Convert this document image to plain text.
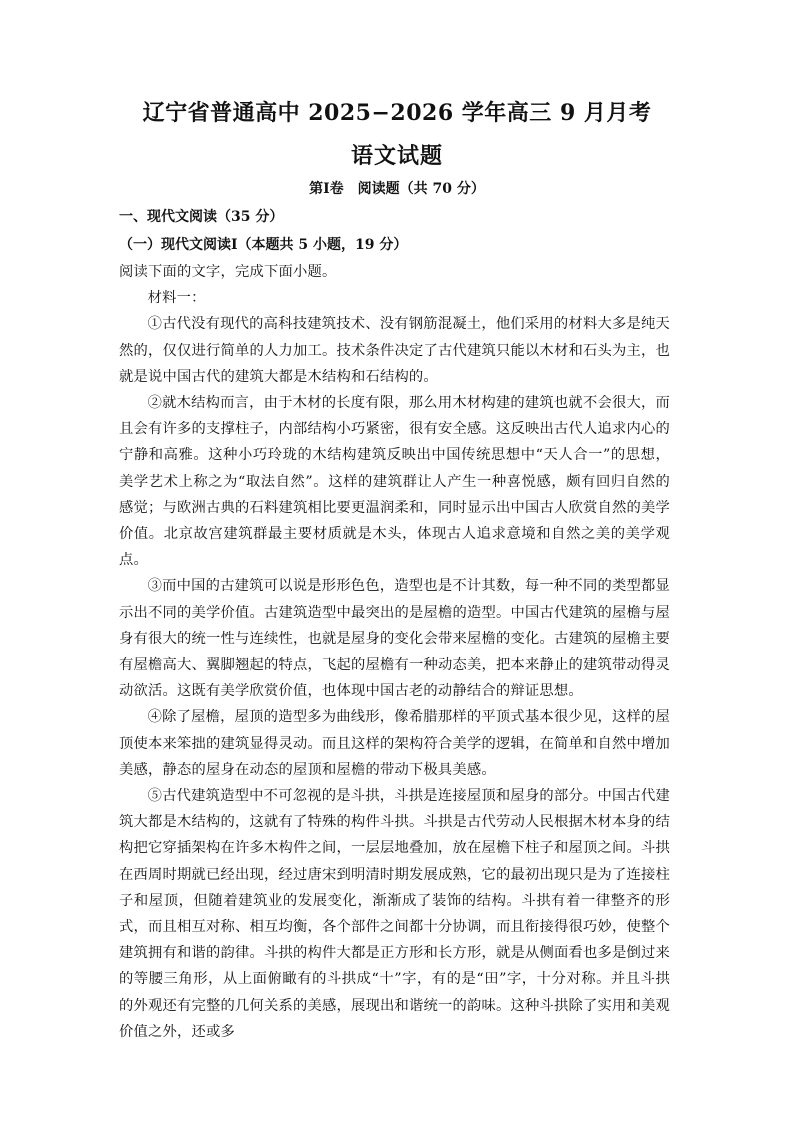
辽宁省普通高中 2025−2026 学年高三 9 月月考
语文试题
第Ⅰ卷　阅读题（共 70 分）
一、现代文阅读（35 分）
（一）现代文阅读Ⅰ（本题共 5 小题，19 分）

阅读下面的文字，完成下面小题。

材料一：

①古代没有现代的高科技建筑技术、没有钢筋混凝土，他们采用的材料大多是纯天然的，仅仅进行简单的人力加工。技术条件决定了古代建筑只能以木材和石头为主，也就是说中国古代的建筑大都是木结构和石结构的。

②就木结构而言，由于木材的长度有限，那么用木材构建的建筑也就不会很大，而且会有许多的支撑柱子，内部结构小巧紧密，很有安全感。这反映出古代人追求内心的宁静和高雅。这种小巧玲珑的木结构建筑反映出中国传统思想中“天人合一”的思想，美学艺术上称之为“取法自然”。这样的建筑群让人产生一种喜悦感，颇有回归自然的感觉；与欧洲古典的石料建筑相比要更温润柔和，同时显示出中国古人欣赏自然的美学价值。北京故宫建筑群最主要材质就是木头，体现古人追求意境和自然之美的美学观点。

③而中国的古建筑可以说是形形色色，造型也是不计其数，每一种不同的类型都显示出不同的美学价值。古建筑造型中最突出的是屋檐的造型。中国古代建筑的屋檐与屋身有很大的统一性与连续性，也就是屋身的变化会带来屋檐的变化。古建筑的屋檐主要有屋檐高大、翼脚翘起的特点，飞起的屋檐有一种动态美，把本来静止的建筑带动得灵动欲活。这既有美学欣赏价值，也体现中国古老的动静结合的辩证思想。

④除了屋檐，屋顶的造型多为曲线形，像希腊那样的平顶式基本很少见，这样的屋顶使本来笨拙的建筑显得灵动。而且这样的架构符合美学的逻辑，在简单和自然中增加美感，静态的屋身在动态的屋顶和屋檐的带动下极具美感。

⑤古代建筑造型中不可忽视的是斗拱，斗拱是连接屋顶和屋身的部分。中国古代建筑大都是木结构的，这就有了特殊的构件斗拱。斗拱是古代劳动人民根据木材本身的结构把它穿插架构在许多木构件之间，一层层地叠加，放在屋檐下柱子和屋顶之间。斗拱在西周时期就已经出现，经过唐宋到明清时期发展成熟，它的最初出现只是为了连接柱子和屋顶，但随着建筑业的发展变化，渐渐成了装饰的结构。斗拱有着一律整齐的形式，而且相互对称、相互均衡，各个部件之间都十分协调，而且衔接得很巧妙，使整个建筑拥有和谐的韵律。斗拱的构件大都是正方形和长方形，就是从侧面看也多是倒过来的等腰三角形，从上面俯瞰有的斗拱成“十”字，有的是“田”字，十分对称。并且斗拱的外观还有完整的几何关系的美感，展现出和谐统一的韵味。这种斗拱除了实用和美观价值之外，还或多
